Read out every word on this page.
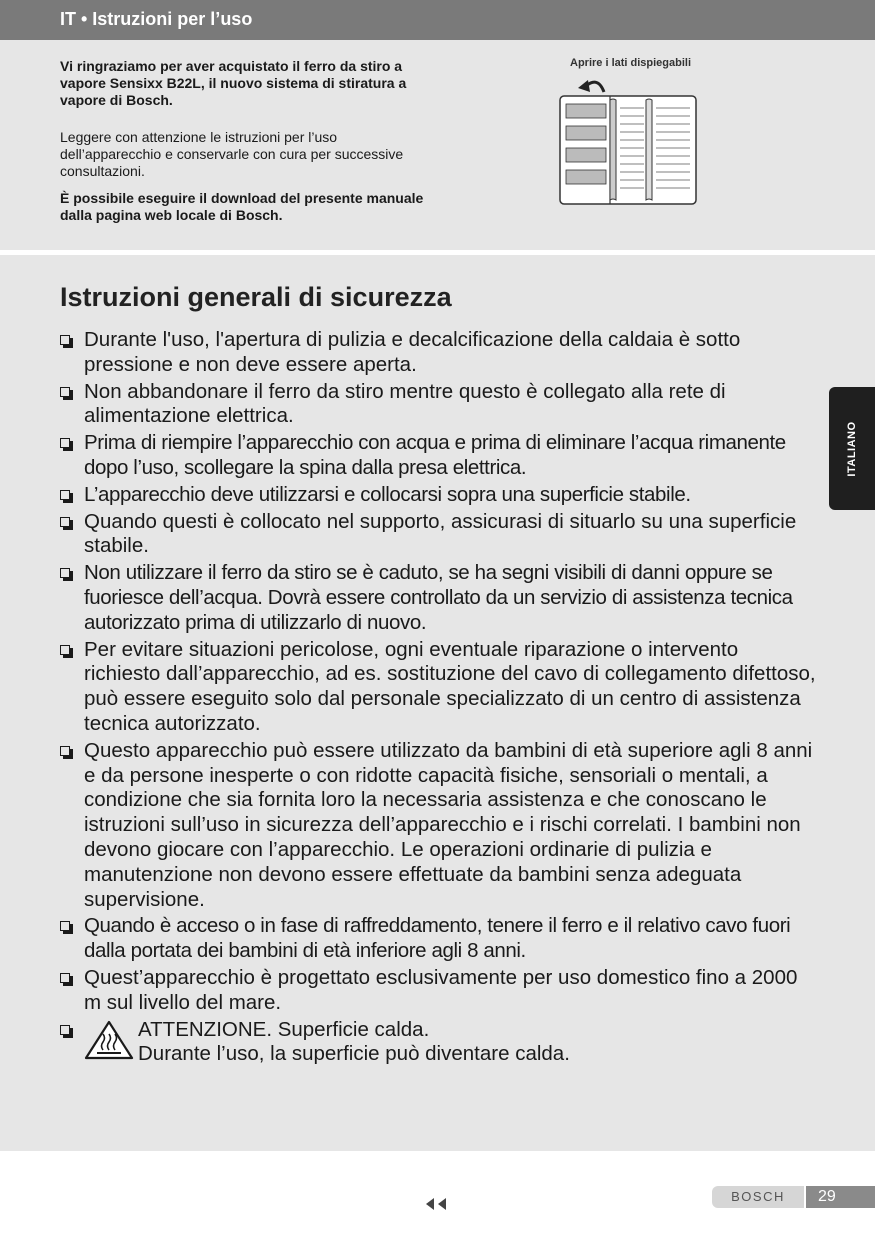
IT • Istruzioni per l’uso

Vi ringraziamo per aver acquistato il ferro da stiro a vapore Sensixx B22L, il nuovo sistema di stiratura a vapore di Bosch.

Leggere con attenzione le istruzioni per l’uso dell’apparecchio e conservarle con cura per successive consultazioni.

È possibile eseguire il download del presente manuale dalla pagina web locale di Bosch.

Aprire i lati dispiegabili
Istruzioni generali di sicurezza
Durante l'uso, l'apertura di pulizia e decalcificazione della caldaia è sotto pressione e non deve essere aperta.
Non abbandonare il ferro da stiro mentre questo è collegato alla rete di alimentazione elettrica.
Prima di riempire l’apparecchio con acqua e prima di eliminare l’acqua rimanente dopo l’uso, scollegare la spina dalla presa elettrica.
L’apparecchio deve utilizzarsi e collocarsi sopra una superficie stabile.
Quando questi è collocato nel supporto, assicurasi di situarlo su una superficie stabile.
Non utilizzare il ferro da stiro se è caduto, se ha segni visibili di danni oppure se fuoriesce dell’acqua. Dovrà essere controllato da un servizio di assistenza tecnica autorizzato prima di utilizzarlo di nuovo.
Per evitare situazioni pericolose, ogni eventuale riparazione o intervento richiesto dall’apparecchio, ad es. sostituzione del cavo di collegamento difettoso, può essere eseguito solo dal personale specializzato di un centro di assistenza tecnica autorizzato.
Questo apparecchio può essere utilizzato da bambini di età superiore agli 8 anni e da persone inesperte o con ridotte capacità fisiche, sensoriali o mentali, a condizione che sia fornita loro la necessaria assistenza e che conoscano le istruzioni sull’uso in sicurezza dell’apparecchio e i rischi correlati. I bambini non devono giocare con l’apparecchio. Le operazioni ordinarie di pulizia e manutenzione non devono essere effettuate da bambini senza adeguata supervisione.
Quando è acceso o in fase di raffreddamento, tenere il ferro e il relativo cavo fuori dalla portata dei bambini di età inferiore agli 8 anni.
Quest’apparecchio è progettato esclusivamente per uso domestico fino a 2000 m sul livello del mare.
ATTENZIONE. Superficie calda.
Durante l’uso, la superficie può diventare calda.
ITALIANO
BOSCH	29
